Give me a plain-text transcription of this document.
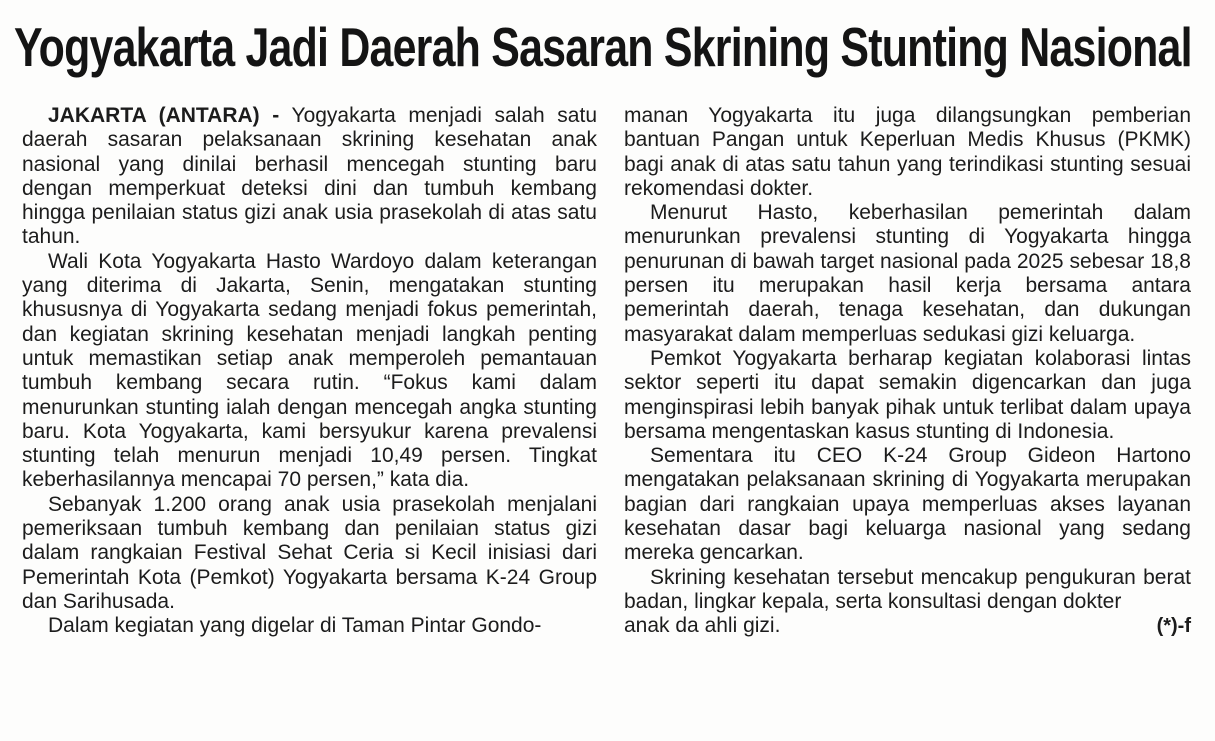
Yogyakarta Jadi Daerah Sasaran Skrining Stunting Nasional

JAKARTA (ANTARA) - Yogyakarta menjadi salah satu daerah sasaran pelaksanaan skrining kesehatan anak nasional yang dinilai berhasil mencegah stunting baru dengan memperkuat deteksi dini dan tumbuh kembang hingga penilaian status gizi anak usia prasekolah di atas satu tahun.

Wali Kota Yogyakarta Hasto Wardoyo dalam keterangan yang diterima di Jakarta, Senin, mengatakan stunting khususnya di Yogyakarta sedang menjadi fokus pemerintah, dan kegiatan skrining kesehatan menjadi langkah penting untuk memastikan setiap anak memperoleh pemantauan tumbuh kembang secara rutin. “Fokus kami dalam menurunkan stunting ialah dengan mencegah angka stunting baru. Kota Yogyakarta, kami bersyukur karena prevalensi stunting telah menurun menjadi 10,49 persen. Tingkat keberhasilannya mencapai 70 persen,” kata dia.

Sebanyak 1.200 orang anak usia prasekolah menjalani pemeriksaan tumbuh kembang dan penilaian status gizi dalam rangkaian Festival Sehat Ceria si Kecil inisiasi dari Pemerintah Kota (Pemkot) Yogyakarta bersama K-24 Group dan Sarihusada.

Dalam kegiatan yang digelar di Taman Pintar Gondo-

manan Yogyakarta itu juga dilangsungkan pemberian bantuan Pangan untuk Keperluan Medis Khusus (PKMK) bagi anak di atas satu tahun yang terindikasi stunting sesuai rekomendasi dokter.

Menurut Hasto, keberhasilan pemerintah dalam menurunkan prevalensi stunting di Yogyakarta hingga penurunan di bawah target nasional pada 2025 sebesar 18,8 persen itu merupakan hasil kerja bersama antara pemerintah daerah, tenaga kesehatan, dan dukungan masyarakat dalam memperluas sedukasi gizi keluarga.

Pemkot Yogyakarta berharap kegiatan kolaborasi lintas sektor seperti itu dapat semakin digencarkan dan juga menginspirasi lebih banyak pihak untuk terlibat dalam upaya bersama mengentaskan kasus stunting di Indonesia.

Sementara itu CEO K-24 Group Gideon Hartono mengatakan pelaksanaan skrining di Yogyakarta merupakan bagian dari rangkaian upaya memperluas akses layanan kesehatan dasar bagi keluarga nasional yang sedang mereka gencarkan.

Skrining kesehatan tersebut mencakup pengukuran berat badan, lingkar kepala, serta konsultasi dengan dokter

anak da ahli gizi.	(*)-f
